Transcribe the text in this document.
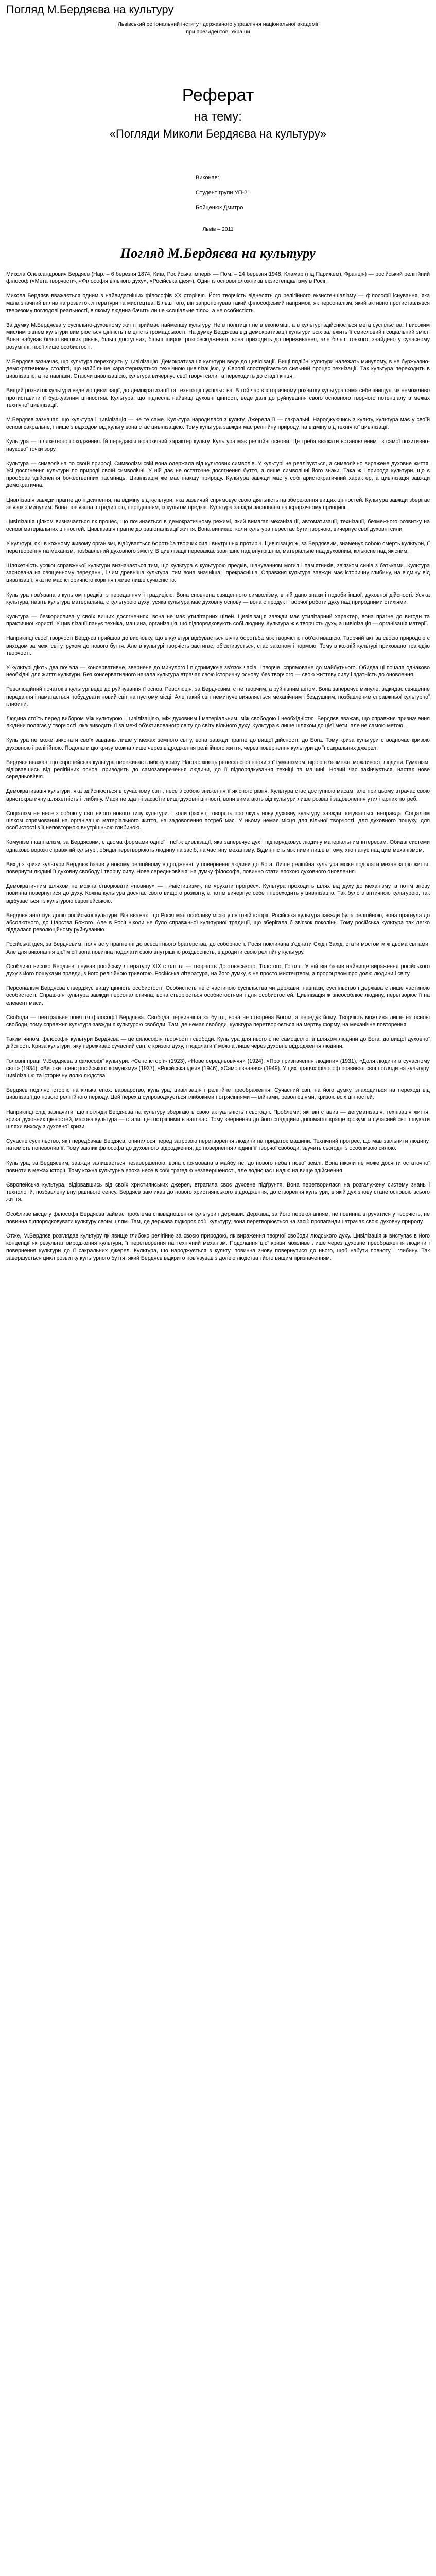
Погляд М.Бердяєва на культуру
Львівський регіональний інститут державного управління національної академії
при президентові України
Реферат
на тему:
«Погляди Миколи Бердяєва на культуру»
Виконав:
Студент групи УП-21
Бойценюк Дмитро
Львів – 2011
Погляд М.Бердяєва на культуру

Микола Олександрович Бердяєв (Нар. – 6 березня 1874, Київ, Російська імперія — Пом. – 24 березня 1948, Кламар (під Парижем), Франція) — російський релігійний філософ («Мета творчості», «Філософія вільного духу», «Російська ідея»). Один із основоположників екзистенціалізму в Росії.

Микола Бердяєв вважається одним з найвидатніших філософів XX сторіччя. Його творчість віднесять до релігійного екзистенціалізму — філософії існування, яка мала значний вплив на розвиток літератури та мистецтва. Більш того, він запропонував такий філософський напрямок, як персоналізм, який активно протиставлявся тверезому поглядові реальності, в якому людина бачить лише «соціальне тіло», а не особистість.

За думку М.Бердяєва у суспільно-духовному житті приймає найменшу культуру. Не в політиці і не в економіці, а в культурі здійснюється мета суспільства. І високим мислим рівнем культури вимірюється цінність і міцність громадськості. На думку Бердяєва від демократизації культури всіх залежить її смисловий і соціальний зміст. Вона набуває більш високих рівнів, більш доступних, більш широкі розповсюдження, вона приходить до переживання, але більш тонкого, знайдено у сучасному розумінні, носії лише особистості.

М.Бердяєв зазначає, що культура переходить у цивілізацію. Демократизація культури веде до цивілізації. Вищі подібні культури належать минулому, в не буржуазно-демократичному столітті, що найбільше характеризується технічною цивілізацією, у Європі спостерігається сильний процес технізації. Так культура переходить в цивілізацію, а не навпаки. Стаючи цивілізацією, культура вичерпує свої творчі сили та переходить до стадії кінця.

Вищий розвиток культури веде до цивілізації, до демократизації та технізації суспільства. В той час в історичному розвитку культура сама себе знищує, як неможливо протиставити її буржуазним цінностям. Культура, що піднесла найвищі духовні цінності, веде далі до руйнування свого основного творчого потенціалу в межах технічної цивілізації.

М.Бердяєв зазначає, що культура і цивілізація — не те саме. Культура народилася з культу. Джерела її — сакральні. Народжуючись з культу, культура має у своїй основі сакральне, і лише з відходом від культу вона стає цивілізацією. Тому культура завжди має релігійну природу, на відміну від технічної цивілізації.

Культура — шляхетного походження. Їй передався ієрархічний характер культу. Культура має релігійні основи. Це треба вважати встановленим і з самої позитивно-наукової точки зору.

Культура — символічна по своїй природі. Символізм свій вона одержала від культових символів. У культурі не реалізується, а символічно виражене духовне життя. Усі досягнення культури по природі своїй символічні. У ній дає не остаточне досягнення буття, а лише символічні його знаки. Така ж і природа культури, що є прообраз здійснення божественних таємниць. Цивілізація же має інакшу природу. Культура завжди має у собі аристократичний характер, а цивілізація завжди демократична.

Цивілізація завжди прагне до підсилення, на відміну від культури, яка зазвичай спрямовує свою діяльність на збереження вищих цінностей. Культура завжди зберігає зв'язок з минулим. Вона пов'язана з традицією, переданням, із культом предків. Культура завжди заснована на ієрархічному принципі.

Цивілізація цілком визначається як процес, що починається в демократичному режимі, який вимагає механізації, автоматизації, технізації, безмежного розвитку на основі матеріальних цінностей. Цивілізація прагне до раціоналізації життя. Вона виникає, коли культура перестає бути творчою, вичерпує свої духовні сили.

У культурі, як і в кожному живому організмі, відбувається боротьба творчих сил і внутрішніх протиріч. Цивілізація ж, за Бердяєвим, знаменує собою смерть культури, її перетворення на механізм, позбавлений духовного змісту. В цивілізації переважає зовнішнє над внутрішнім, матеріальне над духовним, кількісне над якісним.

Шляхетність усякої справжньої культури визначається тим, що культура є культурою предків, шануванням могил і пам'ятників, зв'язком синів з батьками. Культура заснована на священному переданні, і чим древніша культура, тим вона значніша і прекрасніша. Справжня культура завжди має історичну глибину, на відміну від цивілізації, яка не має історичного коріння і живе лише сучасністю.

Культура пов'язана з культом предків, з переданням і традицією. Вона сповнена священного символізму, в ній дано знаки і подоби іншої, духовної дійсності. Усяка культура, навіть культура матеріальна, є культурою духу; усяка культура має духовну основу — вона є продукт творчої роботи духу над природними стихіями.

Культура — безкорислива у своїх вищих досягненнях, вона не має утилітарних цілей. Цивілізація завжди має утилітарний характер, вона прагне до вигоди та практичної користі. У цивілізації панує техніка, машина, організація, що підпорядковують собі людину. Культура ж є творчість духу, а цивілізація — організація матерії.

Наприкінці своєї творчості Бердяєв прийшов до висновку, що в культурі відбувається вічна боротьба між творчістю і об'єктивацією. Творчий акт за своєю природою є виходом за межі світу, рухом до нового буття. Але в культурі творчість застигає, об'єктивується, стає законом і нормою. Тому в кожній культурі приховано трагедію творчості.

У культурі діють два почала — консервативне, звернене до минулого і підтримуюче зв'язок часів, і творче, спрямоване до майбутнього. Обидва ці почала однаково необхідні для життя культури. Без консервативного начала культура втрачає свою історичну основу, без творчого — свою життєву силу і здатність до оновлення.

Революційний початок в культурі веде до руйнування її основ. Революція, за Бердяєвим, є не творчим, а руйнівним актом. Вона заперечує минуле, відкидає священне передання і намагається побудувати новий світ на пустому місці. Але такий світ неминуче виявляється механічним і бездушним, позбавленим справжньої культурної глибини.

Людина стоїть перед вибором між культурою і цивілізацією, між духовним і матеріальним, між свободою і необхідністю. Бердяєв вважав, що справжнє призначення людини полягає у творчості, яка виводить її за межі об'єктивованого світу до світу вільного духу. Культура є лише шляхом до цієї мети, але не самою метою.

Культура не може виконати своїх завдань лише у межах земного світу, вона завжди прагне до вищої дійсності, до Бога. Тому криза культури є водночас кризою духовною і релігійною. Подолати цю кризу можна лише через відродження релігійного життя, через повернення культури до її сакральних джерел.

Бердяєв вважав, що європейська культура переживає глибоку кризу. Настає кінець ренесансної епохи з її гуманізмом, вірою в безмежні можливості людини. Гуманізм, відірвавшись від релігійних основ, приводить до самозаперечення людини, до її підпорядкування техніці та машині. Новий час закінчується, настає нове середньовіччя.

Демократизація культури, яка здійснюється в сучасному світі, несе з собою зниження її якісного рівня. Культура стає доступною масам, але при цьому втрачає свою аристократичну шляхетність і глибину. Маси не здатні засвоїти вищі духовні цінності, вони вимагають від культури лише розваг і задоволення утилітарних потреб.

Соціалізм не несе з собою у світ нічого нового типу культури. І коли фахівці говорять про якусь нову духовну культуру, завжди почувається неправда. Соціалізм цілком спрямований на організацію матеріального життя, на задоволення потреб мас. У ньому немає місця для вільної творчості, для духовного пошуку, для особистості з її неповторною внутрішньою глибиною.

Комунізм і капіталізм, за Бердяєвим, є двома формами однієї і тієї ж цивілізації, яка заперечує дух і підпорядковує людину матеріальним інтересам. Обидві системи однаково ворожі справжній культурі, обидві перетворюють людину на засіб, на частину механізму. Відмінність між ними лише в тому, хто панує над цим механізмом.

Вихід з кризи культури Бердяєв бачив у новому релігійному відродженні, у поверненні людини до Бога. Лише релігійна культура може подолати механізацію життя, повернути людині її духовну свободу і творчу силу. Нове середньовіччя, на думку філософа, повинно стати епохою духовного оновлення.

Демократичним шляхом не можна створювати «новину» — і «містицизм», не «рухати прогрес». Культура проходить шлях від духу до механізму, а потім знову повинна повернутися до духу. Кожна культура досягає свого вищого розквіту, а потім вичерпує себе і переходить у цивілізацію. Так було з античною культурою, так відбувається і з культурою європейською.

Бердяєв аналізує долю російської культури. Він вважає, що Росія має особливу місію у світовій історії. Російська культура завжди була релігійною, вона прагнула до абсолютного, до Царства Божого. Але в Росії ніколи не було справжньої культурної традиції, що зберігала б зв'язок поколінь. Тому російська культура так легко піддалася революційному руйнуванню.

Російська ідея, за Бердяєвим, полягає у прагненні до всесвітнього братерства, до соборності. Росія покликана з'єднати Схід і Захід, стати мостом між двома світами. Але для виконання цієї місії вона повинна подолати свою внутрішню роздвоєність, відродити свою релігійну культуру.

Особливо високо Бердяєв цінував російську літературу XIX століття — творчість Достоєвського, Толстого, Гоголя. У ній він бачив найвище вираження російського духу з його пошуками правди, з його релігійною тривогою. Російська література, на його думку, є не просто мистецтвом, а пророцтвом про долю людини і світу.

Персоналізм Бердяєва стверджує вищу цінність особистості. Особистість не є частиною суспільства чи держави, навпаки, суспільство і держава є лише частиною особистості. Справжня культура завжди персоналістична, вона створюється особистостями і для особистостей. Цивілізація ж знеособлює людину, перетворює її на елемент маси.

Свобода — центральне поняття філософії Бердяєва. Свобода первинніша за буття, вона не створена Богом, а передує йому. Творчість можлива лише на основі свободи, тому справжня культура завжди є культурою свободи. Там, де немає свободи, культура перетворюється на мертву форму, на механічне повторення.

Таким чином, філософія культури Бердяєва — це філософія творчості і свободи. Культура для нього є не самоціллю, а шляхом людини до Бога, до вищої духовної дійсності. Криза культури, яку переживає сучасний світ, є кризою духу, і подолати її можна лише через духовне відродження людини.

Головні праці М.Бердяєва з філософії культури: «Сенс історії» (1923), «Нове середньовіччя» (1924), «Про призначення людини» (1931), «Доля людини в сучасному світі» (1934), «Витоки і сенс російського комунізму» (1937), «Російська ідея» (1946), «Самопізнання» (1949). У цих працях філософ розвиває свої погляди на культуру, цивілізацію та історичну долю людства.

Бердяєв поділяє історію на кілька епох: варварство, культура, цивілізація і релігійне преображення. Сучасний світ, на його думку, знаходиться на переході від цивілізації до нового релігійного періоду. Цей перехід супроводжується глибокими потрясіннями — війнами, революціями, кризою всіх цінностей.

Наприкінці слід зазначити, що погляди Бердяєва на культуру зберігають свою актуальність і сьогодні. Проблеми, які він ставив — дегуманізація, технізація життя, криза духовних цінностей, масова культура — стали ще гострішими в наш час. Тому звернення до його спадщини допомагає краще зрозуміти сучасний світ і шукати шляхи виходу з духовної кризи.

Сучасне суспільство, як і передбачав Бердяєв, опинилося перед загрозою перетворення людини на придаток машини. Технічний прогрес, що мав звільнити людину, натомість поневолив її. Тому заклик філософа до духовного відродження, до повернення людині її творчої свободи, звучить сьогодні з особливою силою.

Культура, за Бердяєвим, завжди залишається незавершеною, вона спрямована в майбутнє, до нового неба і нової землі. Вона ніколи не може досягти остаточної повноти в межах історії. Тому кожна культурна епоха несе в собі трагедію незавершеності, але водночас і надію на вище здійснення.

Європейська культура, відірвавшись від своїх християнських джерел, втратила своє духовне підґрунтя. Вона перетворилася на розгалужену систему знань і технологій, позбавлену внутрішнього сенсу. Бердяєв закликав до нового християнського відродження, до створення культури, в якій дух знову стане основою всього життя.

Особливе місце у філософії Бердяєва займає проблема співвідношення культури і держави. Держава, за його переконанням, не повинна втручатися у творчість, не повинна підпорядковувати культуру своїм цілям. Там, де держава підкоряє собі культуру, вона перетворюється на засіб пропаганди і втрачає свою духовну природу.

Отже, М.Бердяєв розглядав культуру як явище глибоко релігійне за своєю природою, як вираження творчої свободи людського духу. Цивілізація ж виступає в його концепції як результат вироджения культури, її перетворення на технічний механізм. Подолання цієї кризи можливе лише через духовне преображення людини і повернення культури до її сакральних джерел. Культура, що народжується з культу, повинна знову повернутися до нього, щоб набути повноту і глибину. Так завершується цикл розвитку культурного буття, який Бердяєв відкрито пов'язував з долею людства і його вищим призначенням.
